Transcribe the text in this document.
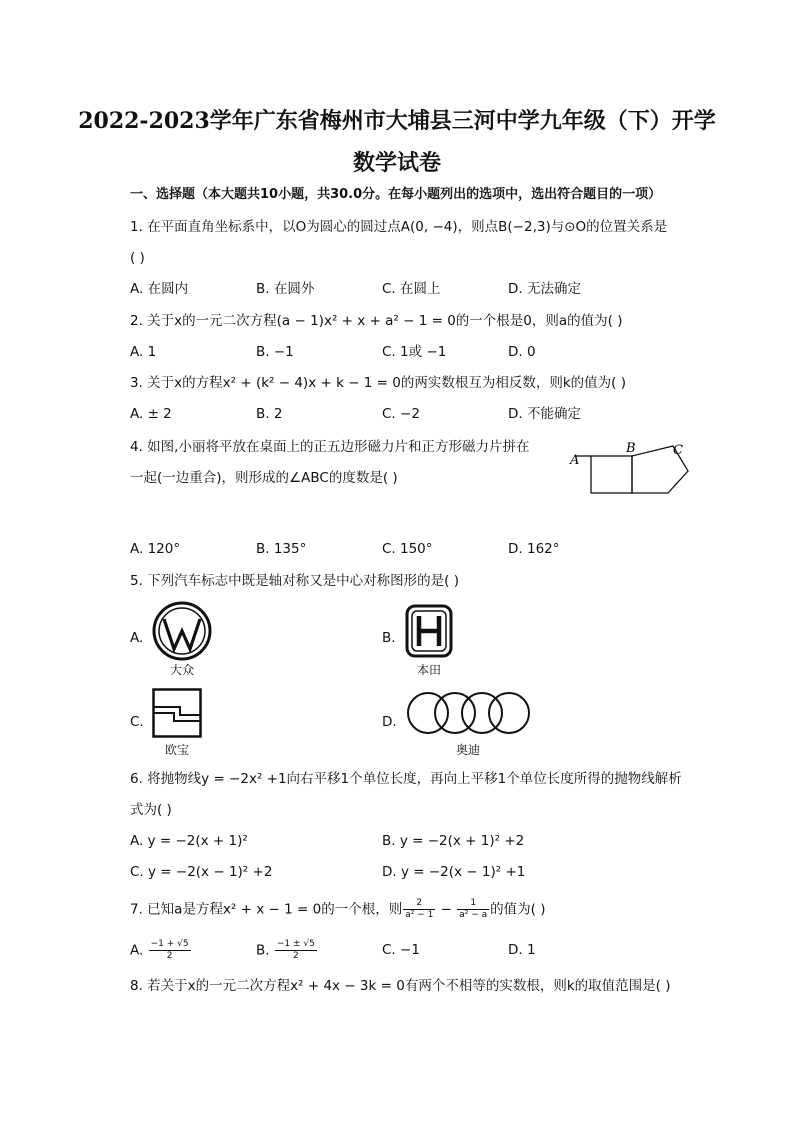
2022-2023学年广东省梅州市大埔县三河中学九年级（下）开学
数学试卷
一、选择题（本大题共10小题，共30.0分。在每小题列出的选项中，选出符合题目的一项）
1. 在平面直角坐标系中，以O为圆心的圆过点A(0, −4)，则点B(−2,3)与⊙O的位置关系是
( )
A. 在圆内	B. 在圆外	C. 在圆上	D. 无法确定
2. 关于x的一元二次方程(a − 1)x² + x + a² − 1 = 0的一个根是0，则a的值为( )
A. 1	B. −1	C. 1或 −1	D. 0
3. 关于x的方程x² + (k² − 4)x + k − 1 = 0的两实数根互为相反数，则k的值为( )
A. ± 2	B. 2	C. −2	D. 不能确定
4. 如图,小丽将平放在桌面上的正五边形磁力片和正方形磁力片拼在
一起(一边重合)，则形成的∠ABC的度数是( )
A
B	C
A. 120°	B. 135°	C. 150°	D. 162°
5. 下列汽车标志中既是轴对称又是中心对称图形的是( )
A.
大众
B.
本田
C.
欧宝
D.
奥迪
6. 将抛物线y = −2x² +1向右平移1个单位长度，再向上平移1个单位长度所得的抛物线解析
式为( )
A. y = −2(x + 1)²	B. y = −2(x + 1)² +2
C. y = −2(x − 1)² +2	D. y = −2(x − 1)² +1
7. 已知a是方程x² + x − 1 = 0的一个根，则 $\frac{2}{\text{a² − 1}} - \frac{1}{\text{a² − a}}$ 的值为( )
A. $\frac{-1 + √5}{2}$	B. $\frac{-1 \pm √5}{2}$	C. −1	D. 1
8. 若关于x的一元二次方程x² + 4x − 3k = 0有两个不相等的实数根，则k的取值范围是( )
